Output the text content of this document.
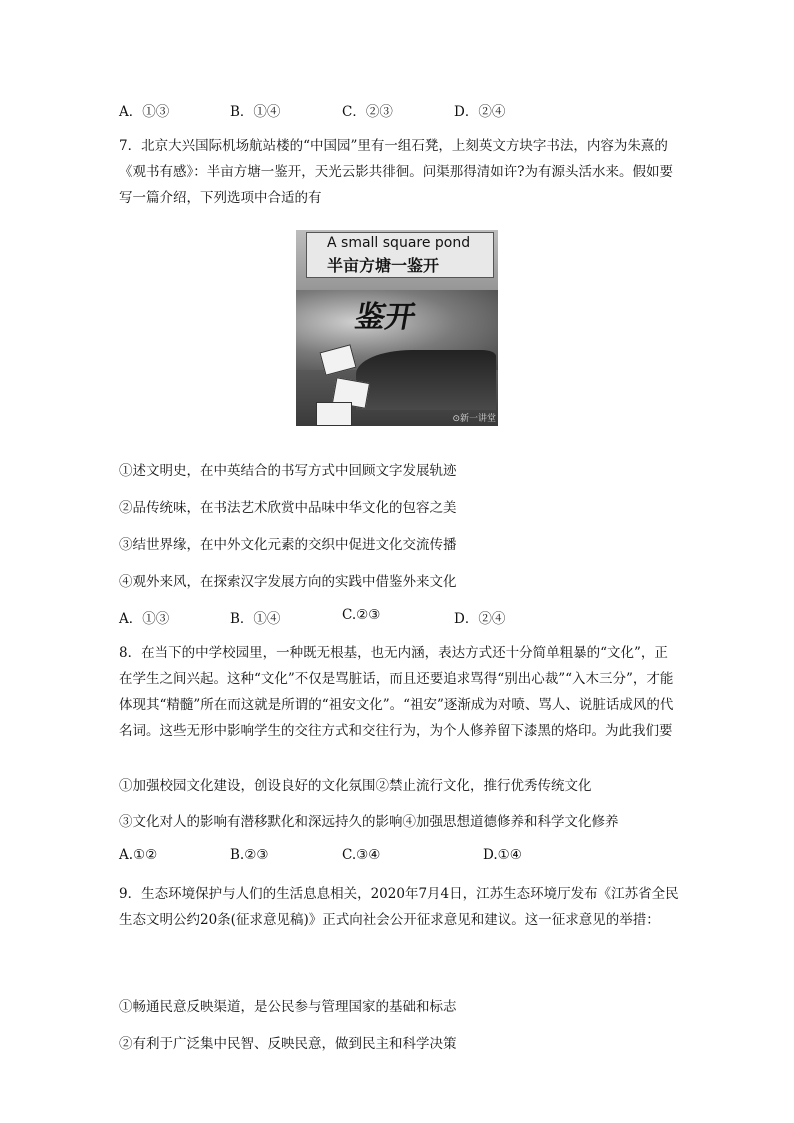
A．①③	B．①④	C．②③	D．②④
7．北京大兴国际机场航站楼的“中国园”里有一组石凳，上刻英文方块字书法，内容为朱熹的《观书有感》：半亩方塘一鉴开，天光云影共徘徊。问渠那得清如许?为有源头活水来。假如要写一篇介绍，下列选项中合适的有
A small square pond
半亩方塘一鉴开
鉴开
⊙新一讲堂
①述文明史，在中英结合的书写方式中回顾文字发展轨迹
②品传统味，在书法艺术欣赏中品味中华文化的包容之美
③结世界缘，在中外文化元素的交织中促进文化交流传播
④观外来风，在探索汉字发展方向的实践中借鉴外来文化
A．①③	B．①④	C.②③	D．②④
8．在当下的中学校园里，一种既无根基，也无内涵，表达方式还十分简单粗暴的“文化”，正在学生之间兴起。这种“文化”不仅是骂脏话，而且还要追求骂得“别出心裁”“入木三分”，才能体现其“精髓”所在而这就是所谓的“祖安文化”。“祖安”逐渐成为对喷、骂人、说脏话成风的代名词。这些无形中影响学生的交往方式和交往行为，为个人修养留下漆黑的烙印。为此我们要
①加强校园文化建设，创设良好的文化氛围②禁止流行文化，推行优秀传统文化
③文化对人的影响有潜移默化和深远持久的影响④加强思想道德修养和科学文化修养
A.①②	B.②③	C.③④	D.①④
9．生态环境保护与人们的生活息息相关，2020年7月4日，江苏生态环境厅发布《江苏省全民生态文明公约20条(征求意见稿)》正式向社会公开征求意见和建议。这一征求意见的举措：
①畅通民意反映渠道，是公民参与管理国家的基础和标志
②有利于广泛集中民智、反映民意，做到民主和科学决策
